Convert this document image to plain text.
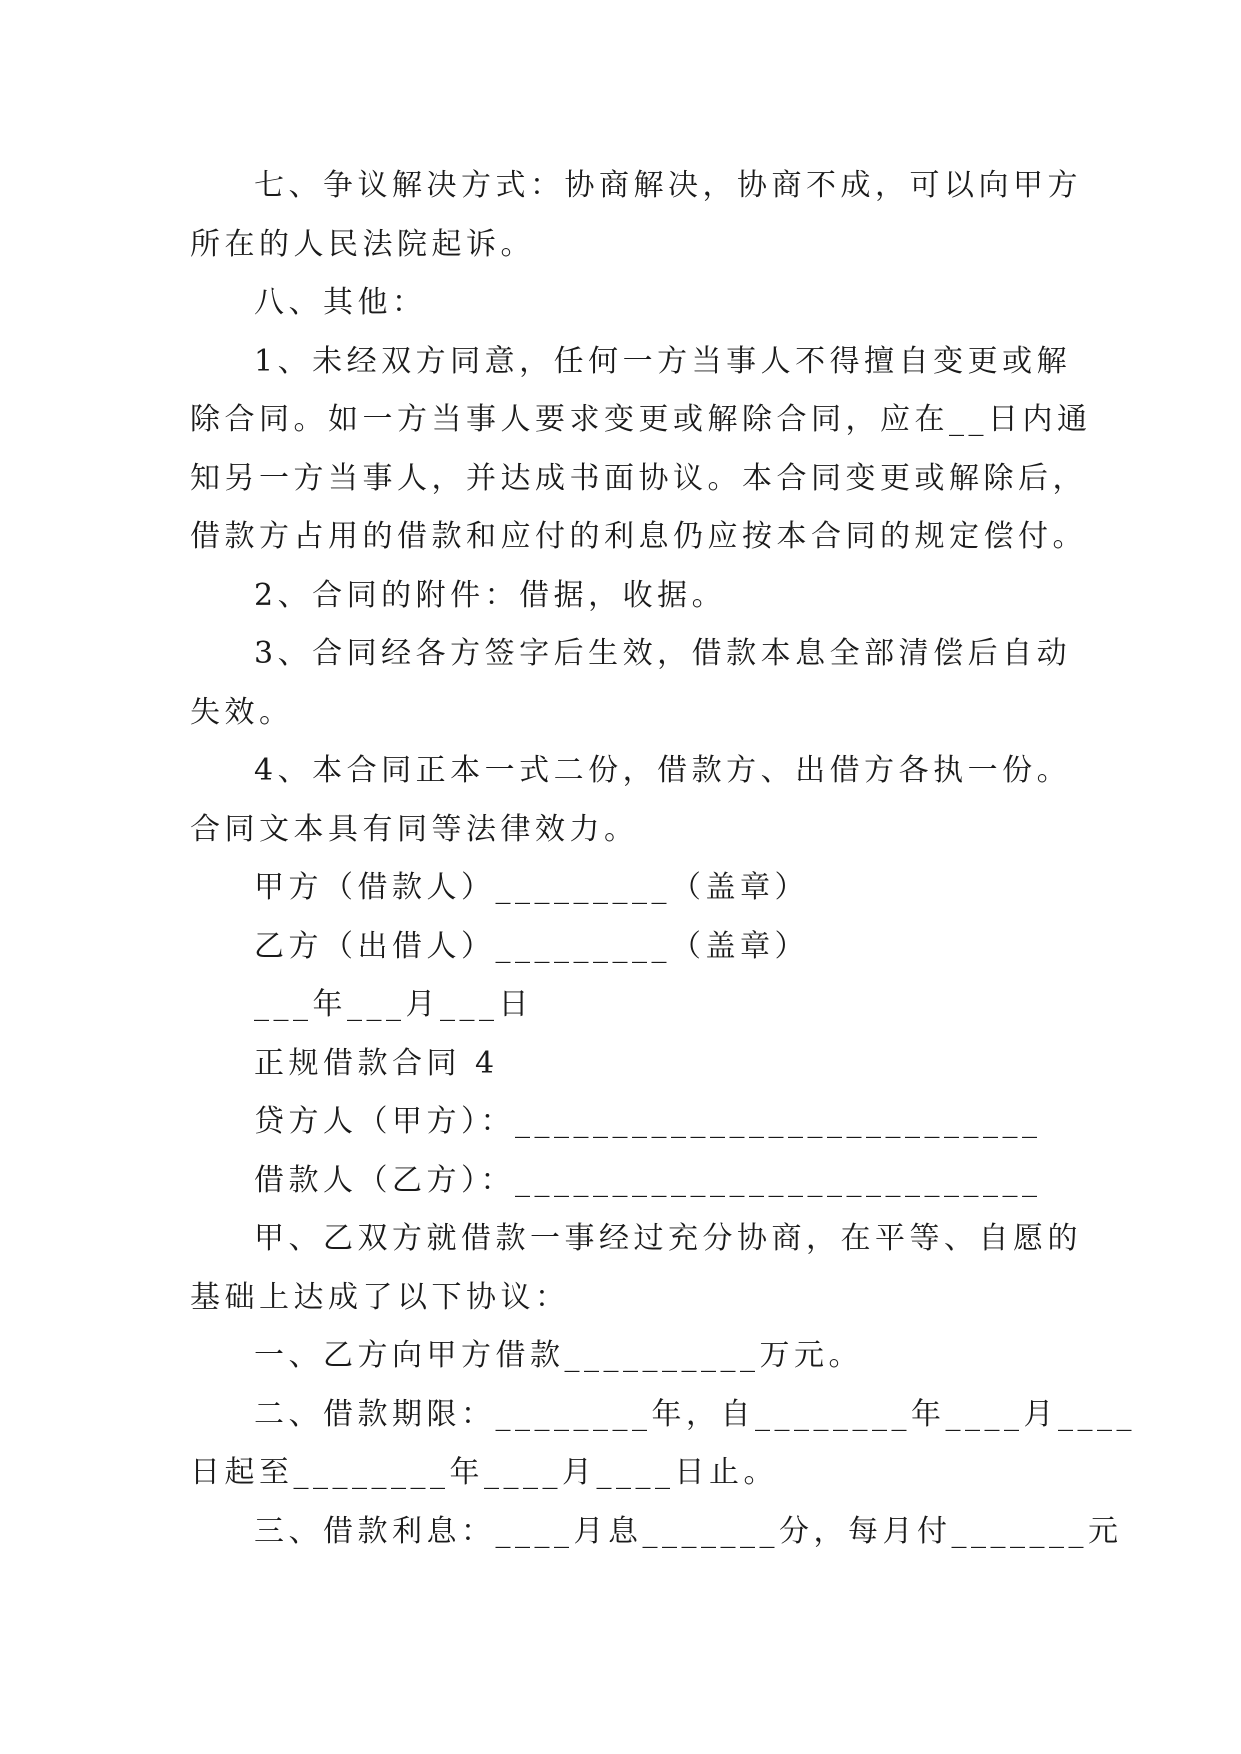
七、争议解决方式：协商解决，协商不成，可以向甲方
所在的人民法院起诉。
八、其他：
1、未经双方同意，任何一方当事人不得擅自变更或解
除合同。如一方当事人要求变更或解除合同，应在__日内通
知另一方当事人，并达成书面协议。本合同变更或解除后，
借款方占用的借款和应付的利息仍应按本合同的规定偿付。
2、合同的附件：借据，收据。
3、合同经各方签字后生效，借款本息全部清偿后自动
失效。
4、本合同正本一式二份，借款方、出借方各执一份。
合同文本具有同等法律效力。
甲方（借款人）_________（盖章）
乙方（出借人）_________（盖章）
___年___月___日
正规借款合同 4
贷方人（甲方）：___________________________
借款人（乙方）：___________________________
甲、乙双方就借款一事经过充分协商，在平等、自愿的
基础上达成了以下协议：
一、乙方向甲方借款__________万元。
二、借款期限：________年，自________年____月____
日起至________年____月____日止。
三、借款利息：____月息_______分，每月付_______元
